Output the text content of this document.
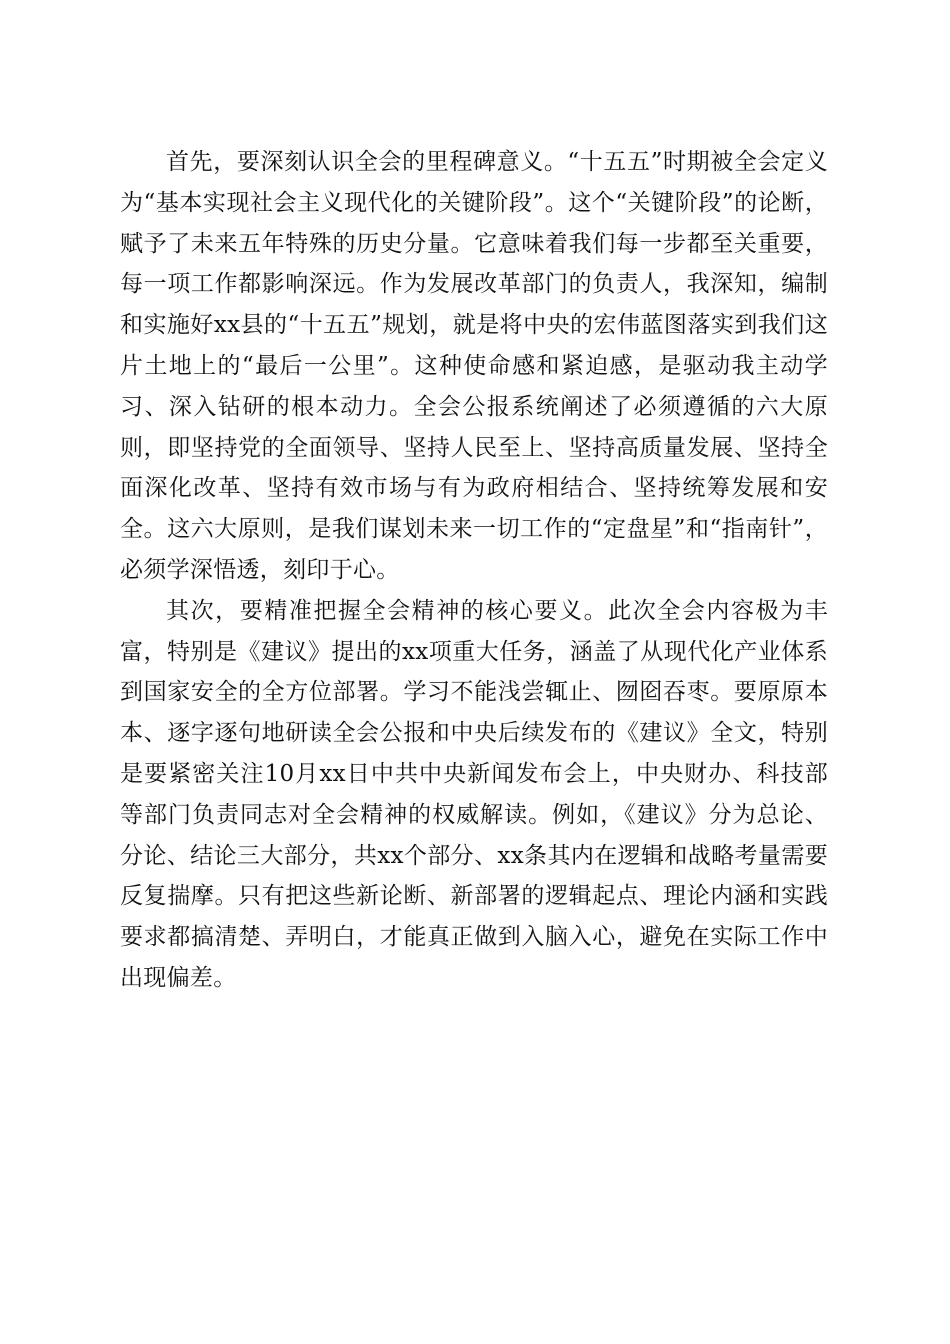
首先，要深刻认识全会的里程碑意义。“十五五”时期被全会定义为“基本实现社会主义现代化的关键阶段”。这个“关键阶段”的论断，赋予了未来五年特殊的历史分量。它意味着我们每一步都至关重要，每一项工作都影响深远。作为发展改革部门的负责人，我深知，编制和实施好xx县的“十五五”规划，就是将中央的宏伟蓝图落实到我们这片土地上的“最后一公里”。这种使命感和紧迫感，是驱动我主动学习、深入钻研的根本动力。全会公报系统阐述了必须遵循的六大原则，即坚持党的全面领导、坚持人民至上、坚持高质量发展、坚持全面深化改革、坚持有效市场与有为政府相结合、坚持统筹发展和安全。这六大原则，是我们谋划未来一切工作的“定盘星”和“指南针”，必须学深悟透，刻印于心。

其次，要精准把握全会精神的核心要义。此次全会内容极为丰富，特别是《建议》提出的xx项重大任务，涵盖了从现代化产业体系到国家安全的全方位部署。学习不能浅尝辄止、囫囵吞枣。要原原本本、逐字逐句地研读全会公报和中央后续发布的《建议》全文，特别是要紧密关注10月xx日中共中央新闻发布会上，中央财办、科技部等部门负责同志对全会精神的权威解读。例如，《建议》分为总论、分论、结论三大部分，共xx个部分、xx条其内在逻辑和战略考量需要反复揣摩。只有把这些新论断、新部署的逻辑起点、理论内涵和实践要求都搞清楚、弄明白，才能真正做到入脑入心，避免在实际工作中出现偏差。
